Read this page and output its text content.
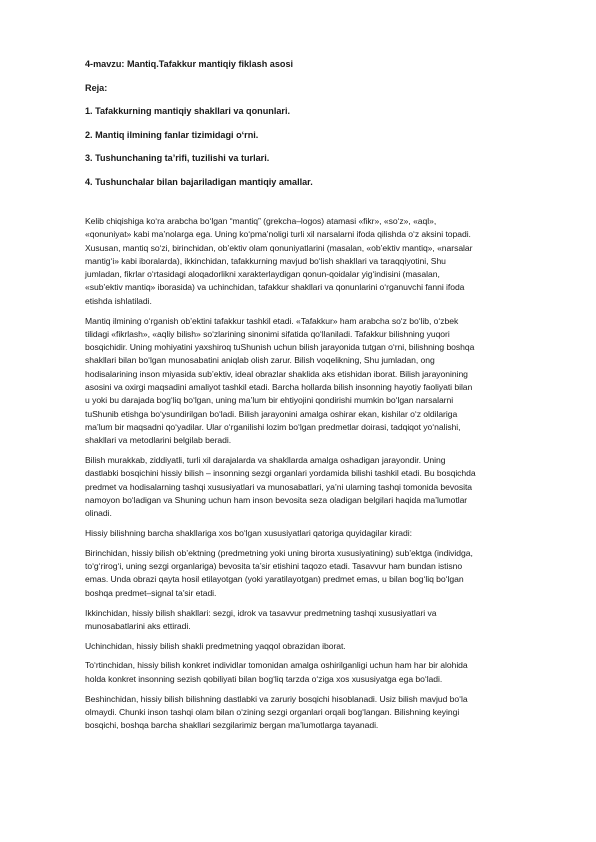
4-mavzu: Mantiq.Tafakkur mantiqiy fiklash asosi
Reja:
1. Tafakkurning mantiqiy shakllari va qonunlari.
2. Mantiq ilmining fanlar tizimidagi o‘rni.
3. Tushunchaning ta’rifi, tuzilishi va turlari.
4. Tushunchalar bilan bajariladigan mantiqiy amallar.
Kelib chiqishiga ko‘ra arabcha bo‘lgan “mantiq” (grekcha–logos) atamasi «fikr», «so‘z», «aql»,
«qonuniyat» kabi ma’nolarga ega. Uning ko‘pma’noligi turli xil narsalarni ifoda qilishda o‘z aksini topadi.
Xususan, mantiq so‘zi, birinchidan, ob’ektiv olam qonuniyatlarini (masalan, «ob’ektiv mantiq», «narsalar
mantig‘i» kabi iboralarda), ikkinchidan, tafakkurning mavjud bo‘lish shakllari va taraqqiyotini, Shu
jumladan, fikrlar o‘rtasidagi aloqadorlikni xarakterlaydigan qonun-qoidalar yig‘indisini (masalan,
«sub’ektiv mantiq» iborasida) va uchinchidan, tafakkur shakllari va qonunlarini o‘rganuvchi fanni ifoda
etishda ishlatiladi.
Mantiq ilmining o‘rganish ob’ektini tafakkur tashkil etadi. «Tafakkur» ham arabcha so‘z bo‘lib, o‘zbek
tilidagi «fikrlash», «aqliy bilish» so‘zlarining sinonimi sifatida qo‘llaniladi. Tafakkur bilishning yuqori
bosqichidir. Uning mohiyatini yaxshiroq tuShunish uchun bilish jarayonida tutgan o‘rni, bilishning boshqa
shakllari bilan bo‘lgan munosabatini aniqlab olish zarur. Bilish voqelikning, Shu jumladan, ong
hodisalarining inson miyasida sub’ektiv, ideal obrazlar shaklida aks etishidan iborat. Bilish jarayonining
asosini va oxirgi maqsadini amaliyot tashkil etadi. Barcha hollarda bilish insonning hayotiy faoliyati bilan
u yoki bu darajada bog‘liq bo‘lgan, uning ma’lum bir ehtiyojini qondirishi mumkin bo‘lgan narsalarni
tuShunib etishga bo‘ysundirilgan bo‘ladi. Bilish jarayonini amalga oshirar ekan, kishilar o‘z oldilariga
ma’lum bir maqsadni qo‘yadilar. Ular o‘rganilishi lozim bo‘lgan predmetlar doirasi, tadqiqot yo‘nalishi,
shakllari va metodlarini belgilab beradi.
Bilish murakkab, ziddiyatli, turli xil darajalarda va shakllarda amalga oshadigan jarayondir. Uning
dastlabki bosqichini hissiy bilish – insonning sezgi organlari yordamida bilishi tashkil etadi. Bu bosqichda
predmet va hodisalarning tashqi xususiyatlari va munosabatlari, ya’ni ularning tashqi tomonida bevosita
namoyon bo‘ladigan va Shuning uchun ham inson bevosita seza oladigan belgilari haqida ma’lumotlar
olinadi.
Hissiy bilishning barcha shakllariga xos bo‘lgan xususiyatlari qatoriga quyidagilar kiradi:
Birinchidan, hissiy bilish ob’ektning (predmetning yoki uning birorta xususiyatining) sub’ektga (individga,
to‘g‘rirog‘i, uning sezgi organlariga) bevosita ta’sir etishini taqozo etadi. Tasavvur ham bundan istisno
emas. Unda obrazi qayta hosil etilayotgan (yoki yaratilayotgan) predmet emas, u bilan bog‘liq bo‘lgan
boshqa predmet–signal ta’sir etadi.
Ikkinchidan, hissiy bilish shakllari: sezgi, idrok va tasavvur predmetning tashqi xususiyatlari va
munosabatlarini aks ettiradi.
Uchinchidan, hissiy bilish shakli predmetning yaqqol obrazidan iborat.
To‘rtinchidan, hissiy bilish konkret individlar tomonidan amalga oshirilganligi uchun ham har bir alohida
holda konkret insonning sezish qobiliyati bilan bog‘liq tarzda o‘ziga xos xususiyatga ega bo‘ladi.
Beshinchidan, hissiy bilish bilishning dastlabki va zaruriy bosqichi hisoblanadi. Usiz bilish mavjud bo‘la
olmaydi. Chunki inson tashqi olam bilan o‘zining sezgi organlari orqali bog‘langan. Bilishning keyingi
bosqichi, boshqa barcha shakllari sezgilarimiz bergan ma’lumotlarga tayanadi.
